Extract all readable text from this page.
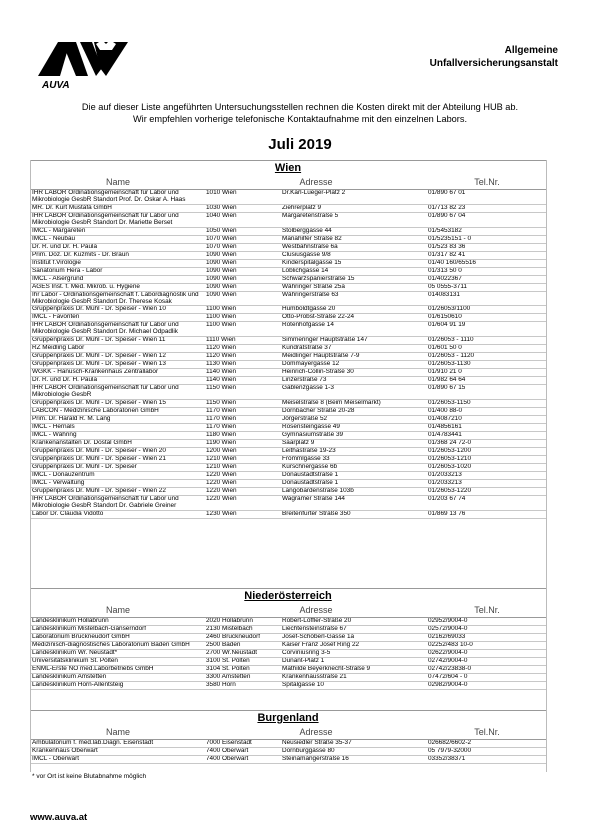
AUVA
Allgemeine
Unfallversicherungsanstalt
Die auf dieser Liste angeführten Untersuchungsstellen rechnen die Kosten direkt mit der Abteilung HUB ab.
Wir empfehlen vorherige telefonische Kontaktaufnahme mit den einzelnen Labors.
Juli 2019
Wien
Name	Adresse		Tel.Nr.
IHR LABOR Ordinationsgemeinschaft für Labor und Mikrobiologie GesbR Standort Prof. Dr. Oskar A. Haas	1010 Wien	Dr.Karl-Lueger-Platz 2	01/890 67 01
MR. Dr. Kurt Mustafa GmbH	1030 Wien	Ziehrerplatz 9	01/713 82 23
IHR LABOR Ordinationsgemeinschaft für Labor und Mikrobiologie GesbR Standort Dr. Mariette Berset	1040 Wien	Margaretenstraße 5	01/890 67 04
IMCL - Margareten	1050 Wien	Stolberggasse 44	01/5453182
IMCL - Neubau	1070 Wien	Mariahilfer Straße 82	01/5235151 - 0
Dr. R. und Dr. H. Paula	1070 Wien	Westbahnstraße 6a	01/523 83 36
Prim. Doz. Dr. Kuzmits - Dr. Braun	1090 Wien	Clusiusgasse 9/8	01/317 82 41
Institut f.Virologie	1090 Wien	Kinderspitalgasse 15	01/40 160/65516
Sanatorium Hera - Labor	1090 Wien	Löblichgasse 14	01/313 50 0
IMCL - Alsergrund	1090 Wien	Schwarzspanierstraße 15	01/4022367
AGES Inst. f. Med. Mikrob. u. Hygiene	1090 Wien	Währinger Straße 25a	05 0555-3711
Ihr Labor - Ordinationsgemeinschaft f. Labordiagnostik und Mikrobiologie GesbR Standort Dr. Therese Kosak	1090 Wien	Währingerstraße 63	014083131
Gruppenpraxis Dr. Mühl - Dr. Speiser - Wien 10	1100 Wien	Humboldtgasse 20	01/26053/1100
IMCL - Favoriten	1100 Wien	Otto-Probst-Straße 22-24	01/6150610
IHR LABOR Ordinationsgemeinschaft für Labor und Mikrobiologie GesbR Standort Dr. Michael Odpadlik	1100 Wien	Rotenhofgasse 14	01/604 91 19
Gruppenpraxis Dr. Mühl - Dr. Speiser - Wien 11	1110 Wien	Simmeringer Hauptstraße 147	01/26053 - 1110
RZ Meidling Labor	1120 Wien	Kundratstraße 37	01/601 50 0
Gruppenpraxis Dr. Mühl - Dr. Speiser - Wien 12	1120 Wien	Meidlinger Hauptstraße 7-9	01/26053 - 1120
Gruppenpraxis Dr. Mühl - Dr. Speiser - Wien 13	1130 Wien	Dommayergasse 12	01/26053-1130
WGKK - Hanusch-Krankenhaus Zentrallabor	1140 Wien	Heinrich-Collin-Straße 30	01/910 21 0
Dr. R. und Dr. H. Paula	1140 Wien	Linzerstraße 73	01/982 64 64
IHR LABOR Ordinationsgemeinschaft für Labor und Mikrobiologie GesbR	1150 Wien	Gablenzgasse 1-3	01/890 67 15
Gruppenpraxis Dr. Mühl - Dr. Speiser - Wien 15	1150 Wien	Meiselstraße 8 (Beim Meiselmarkt)	01/26053-1150
LABCON - Medizinische Laboratorien GmbH	1170 Wien	Dornbacher Straße 20-28	01/400 88-0
Prim. Dr. Harald R. M. Lang	1170 Wien	Jörgerstraße 52	01/4087210
IMCL - Hernals	1170 Wien	Rosensteingasse 49	01/4856161
IMCL - Währing	1180 Wien	Gymnasiumstraße 39	01/4783441
Krankenanstalten Dr. Dostal GmbH	1190 Wien	Saarplatz 9	01/368 24 72-0
Gruppenpraxis Dr. Mühl - Dr. Speiser - Wien 20	1200 Wien	Leithastraße 19-23	01/26053-1200
Gruppenpraxis Dr. Mühl - Dr. Speiser - Wien 21	1210 Wien	Frömmlgasse 33	01/26053-1210
Gruppenpraxis Dr. Mühl - Dr. Speiser	1210 Wien	Kürschnergasse 6b	01/26053-1020
IMCL - Donauzentrum	1220 Wien	Donaustadtstraße 1	01/2033213
IMCL - Verwaltung	1220 Wien	Donaustadtstraße 1	01/2033213
Gruppenpraxis Dr. Mühl - Dr. Speiser - Wien 22	1220 Wien	Langobardenstraße 103b	01/26053-1220
IHR LABOR Ordinationsgemeinschaft für Labor und Mikrobiologie GesbR Standort Dr. Gabriele Greiner	1220 Wien	Wagramer Straße 144	01/203 67 74
Labor Dr. Claudia Vidotto	1230 Wien	Breitenfurter Straße 350	01/869 13 76
Niederösterreich
Name	Adresse		Tel.Nr.
Landesklinikum Hollabrunn	2020 Hollabrunn	Robert-Löffler-Straße 20	02952/9004-0
Landesklinikum Mistelbach-Gänserndorf	2130 Mistelbach	Liechtensteinstraße 67	02572/9004-0
Laboratorium Bruckneudorf GmbH	2460 Bruckneudorf	Josef-Schöberl-Gasse 1a	02162/69033
Medizinisch-diagnostisches Laboratorium Baden GmbH	2500 Baden	Kaiser Franz Josef Ring 22	02252/483 10-0
Landesklinikum Wr. Neustadt*	2700 Wr.Neustadt	Corviniusring 3-5	02622/9004-0
Universitätsklinikum St. Pölten	3100 St. Pölten	Dunant-Platz 1	02742/9004-0
ENML-Erste NÖ med.Laborbetriebs GmbH	3104 St. Pölten	Mathilde Beyerknecht-Straße 9	02742/23838-0
Landesklinikum Amstetten	3300 Amstetten	Krankenhausstraße 21	07472/604 - 0
Landesklinikum Horn-Allentsteig	3580 Horn	Spitalgasse 10	02982/9004-0
Burgenland
Name	Adresse		Tel.Nr.
Ambulatorium f. med.lab.Diagn. Eisenstadt	7000 Eisenstadt	Neusiedler Straße 35-37	026682/6602-2
Krankenhaus Oberwart	7400 Oberwart	Dornburggasse 80	05 7979-32000
IMCL - Oberwart	7400 Oberwart	Steinamangerstraße 16	03352/38371
* vor Ort ist keine Blutabnahme möglich
www.auva.at
